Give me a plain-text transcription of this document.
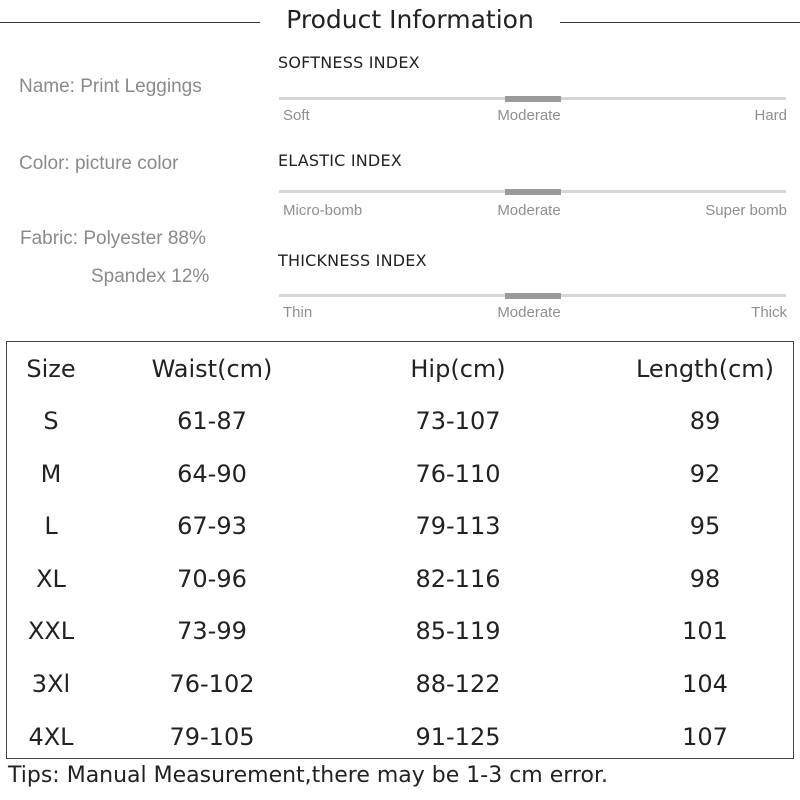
Product Information
Name: Print Leggings
Color: picture color
Fabric: Polyester 88%
Spandex 12%
SOFTNESS INDEX
Soft	Moderate	Hard
ELASTIC INDEX
Micro-bomb	Moderate	Super bomb
THICKNESS INDEX
Thin	Moderate	Thick
Size	Waist(cm)	Hip(cm)	Length(cm)
S	61-87	73-107	89
M	64-90	76-110	92
L	67-93	79-113	95
XL	70-96	82-116	98
XXL	73-99	85-119	101
3Xl	76-102	88-122	104
4XL	79-105	91-125	107
Tips: Manual Measurement,there may be 1-3 cm error.
